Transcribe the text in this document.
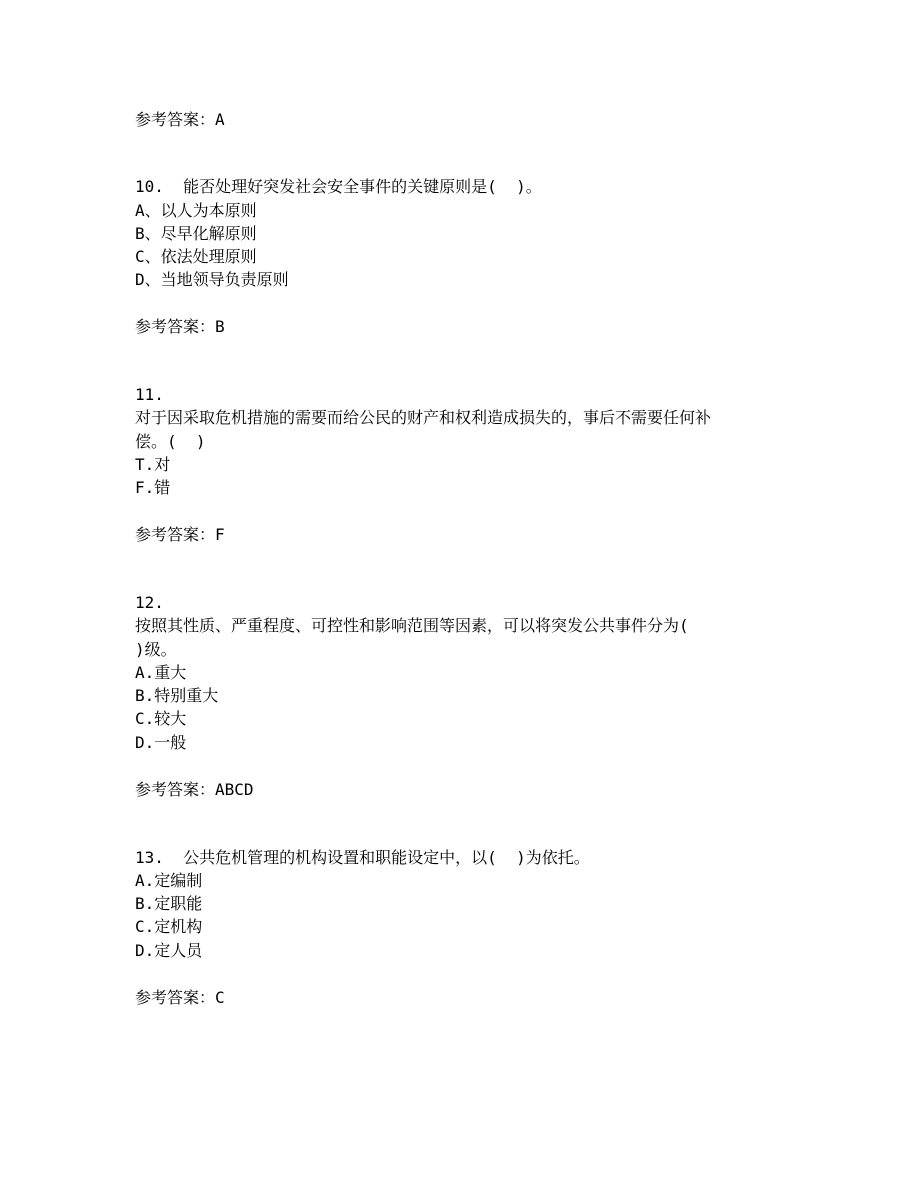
参考答案：A
10.  能否处理好突发社会安全事件的关键原则是(  )。
A、以人为本原则
B、尽早化解原则
C、依法处理原则
D、当地领导负责原则
参考答案：B
11.
对于因采取危机措施的需要而给公民的财产和权利造成损失的，事后不需要任何补
偿。(  )
T.对
F.错
参考答案：F
12.
按照其性质、严重程度、可控性和影响范围等因素，可以将突发公共事件分为(
)级。
A.重大
B.特别重大
C.较大
D.一般
参考答案：ABCD
13.  公共危机管理的机构设置和职能设定中，以(  )为依托。
A.定编制
B.定职能
C.定机构
D.定人员
参考答案：C
